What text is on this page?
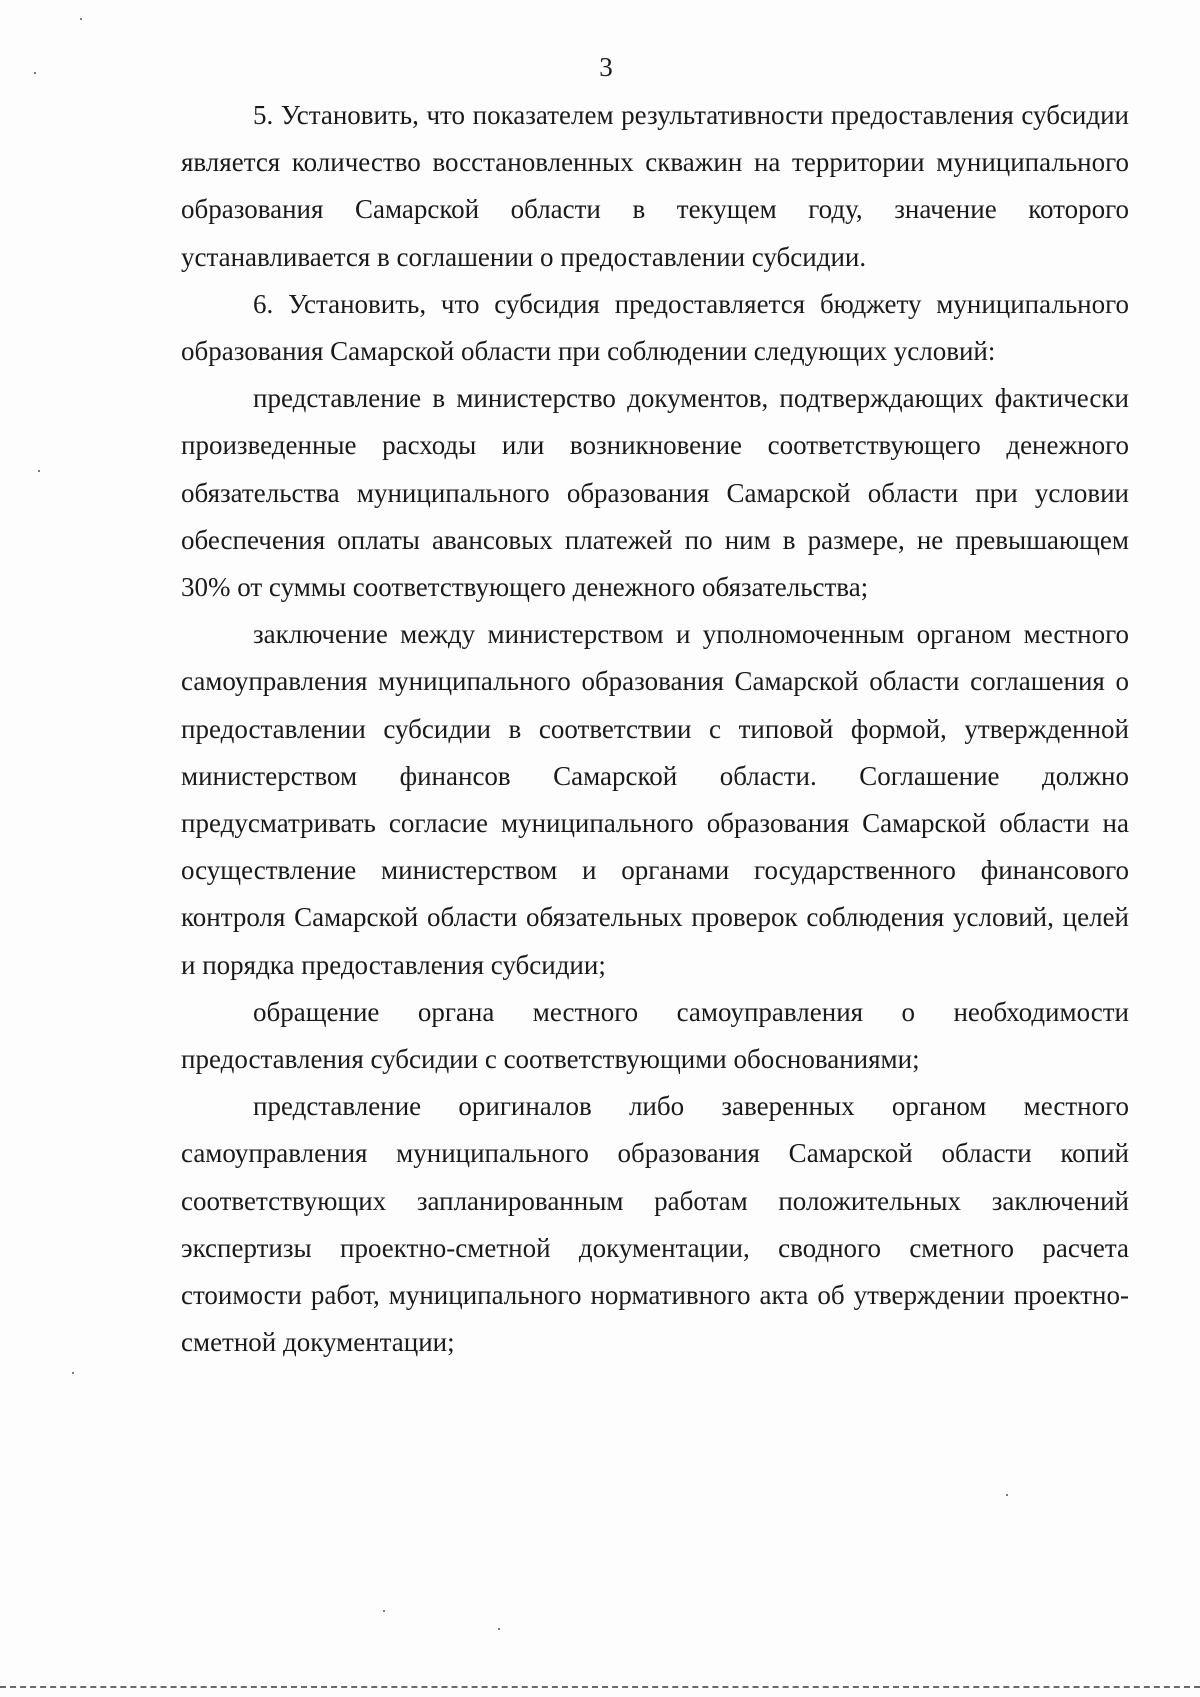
3

5. Установить, что показателем результативности предоставления субсидии является количество восстановленных скважин на территории муниципального образования Самарской области в текущем году, значение которого устанавливается в соглашении о предоставлении субсидии.

6. Установить, что субсидия предоставляется бюджету муниципального образования Самарской области при соблюдении следующих условий:

представление в министерство документов, подтверждающих фактически произведенные расходы или возникновение соответствующего денежного обязательства муниципального образования Самарской области при условии обеспечения оплаты авансовых платежей по ним в размере, не превышающем 30% от суммы соответствующего денежного обязательства;

заключение между министерством и уполномоченным органом местного самоуправления муниципального образования Самарской области соглашения о предоставлении субсидии в соответствии с типовой формой, утвержденной министерством финансов Самарской области. Соглашение должно предусматривать согласие муниципального образования Самарской области на осуществление министерством и органами государственного финансового контроля Самарской области обязательных проверок соблюдения условий, целей и порядка предоставления субсидии;

обращение органа местного самоуправления о необходимости предоставления субсидии с соответствующими обоснованиями;

представление оригиналов либо заверенных органом местного самоуправления муниципального образования Самарской области копий соответствующих запланированным работам положительных заключений экспертизы проектно-сметной документации, сводного сметного расчета стоимости работ, муниципального нормативного акта об утверждении проектно-сметной документации;
